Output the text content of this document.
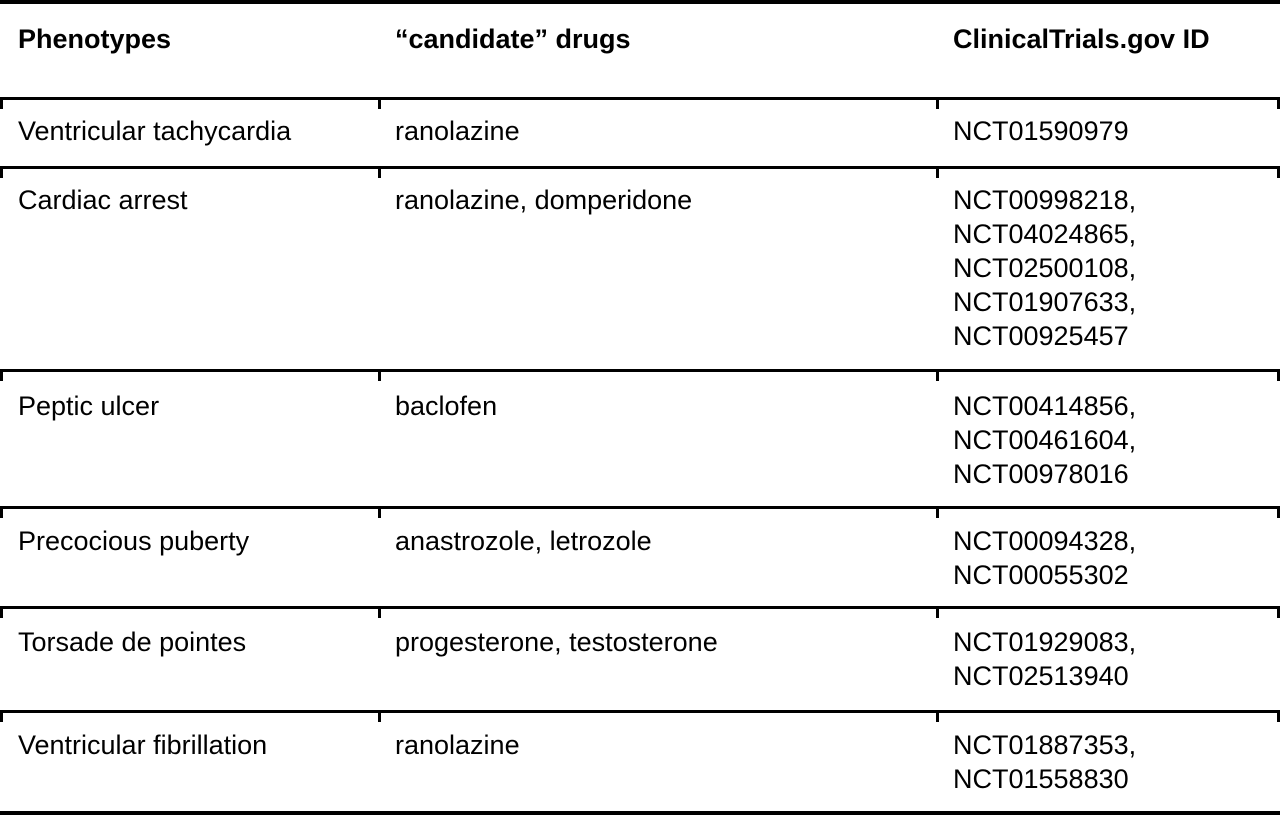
Phenotypes	“candidate” drugs	ClinicalTrials.gov ID
Ventricular tachycardia	ranolazine	NCT01590979
Cardiac arrest	ranolazine, domperidone	NCT00998218,
NCT04024865,
NCT02500108,
NCT01907633,
NCT00925457
Peptic ulcer	baclofen	NCT00414856,
NCT00461604,
NCT00978016
Precocious puberty	anastrozole, letrozole	NCT00094328,
NCT00055302
Torsade de pointes	progesterone, testosterone	NCT01929083,
NCT02513940
Ventricular fibrillation	ranolazine	NCT01887353,
NCT01558830
